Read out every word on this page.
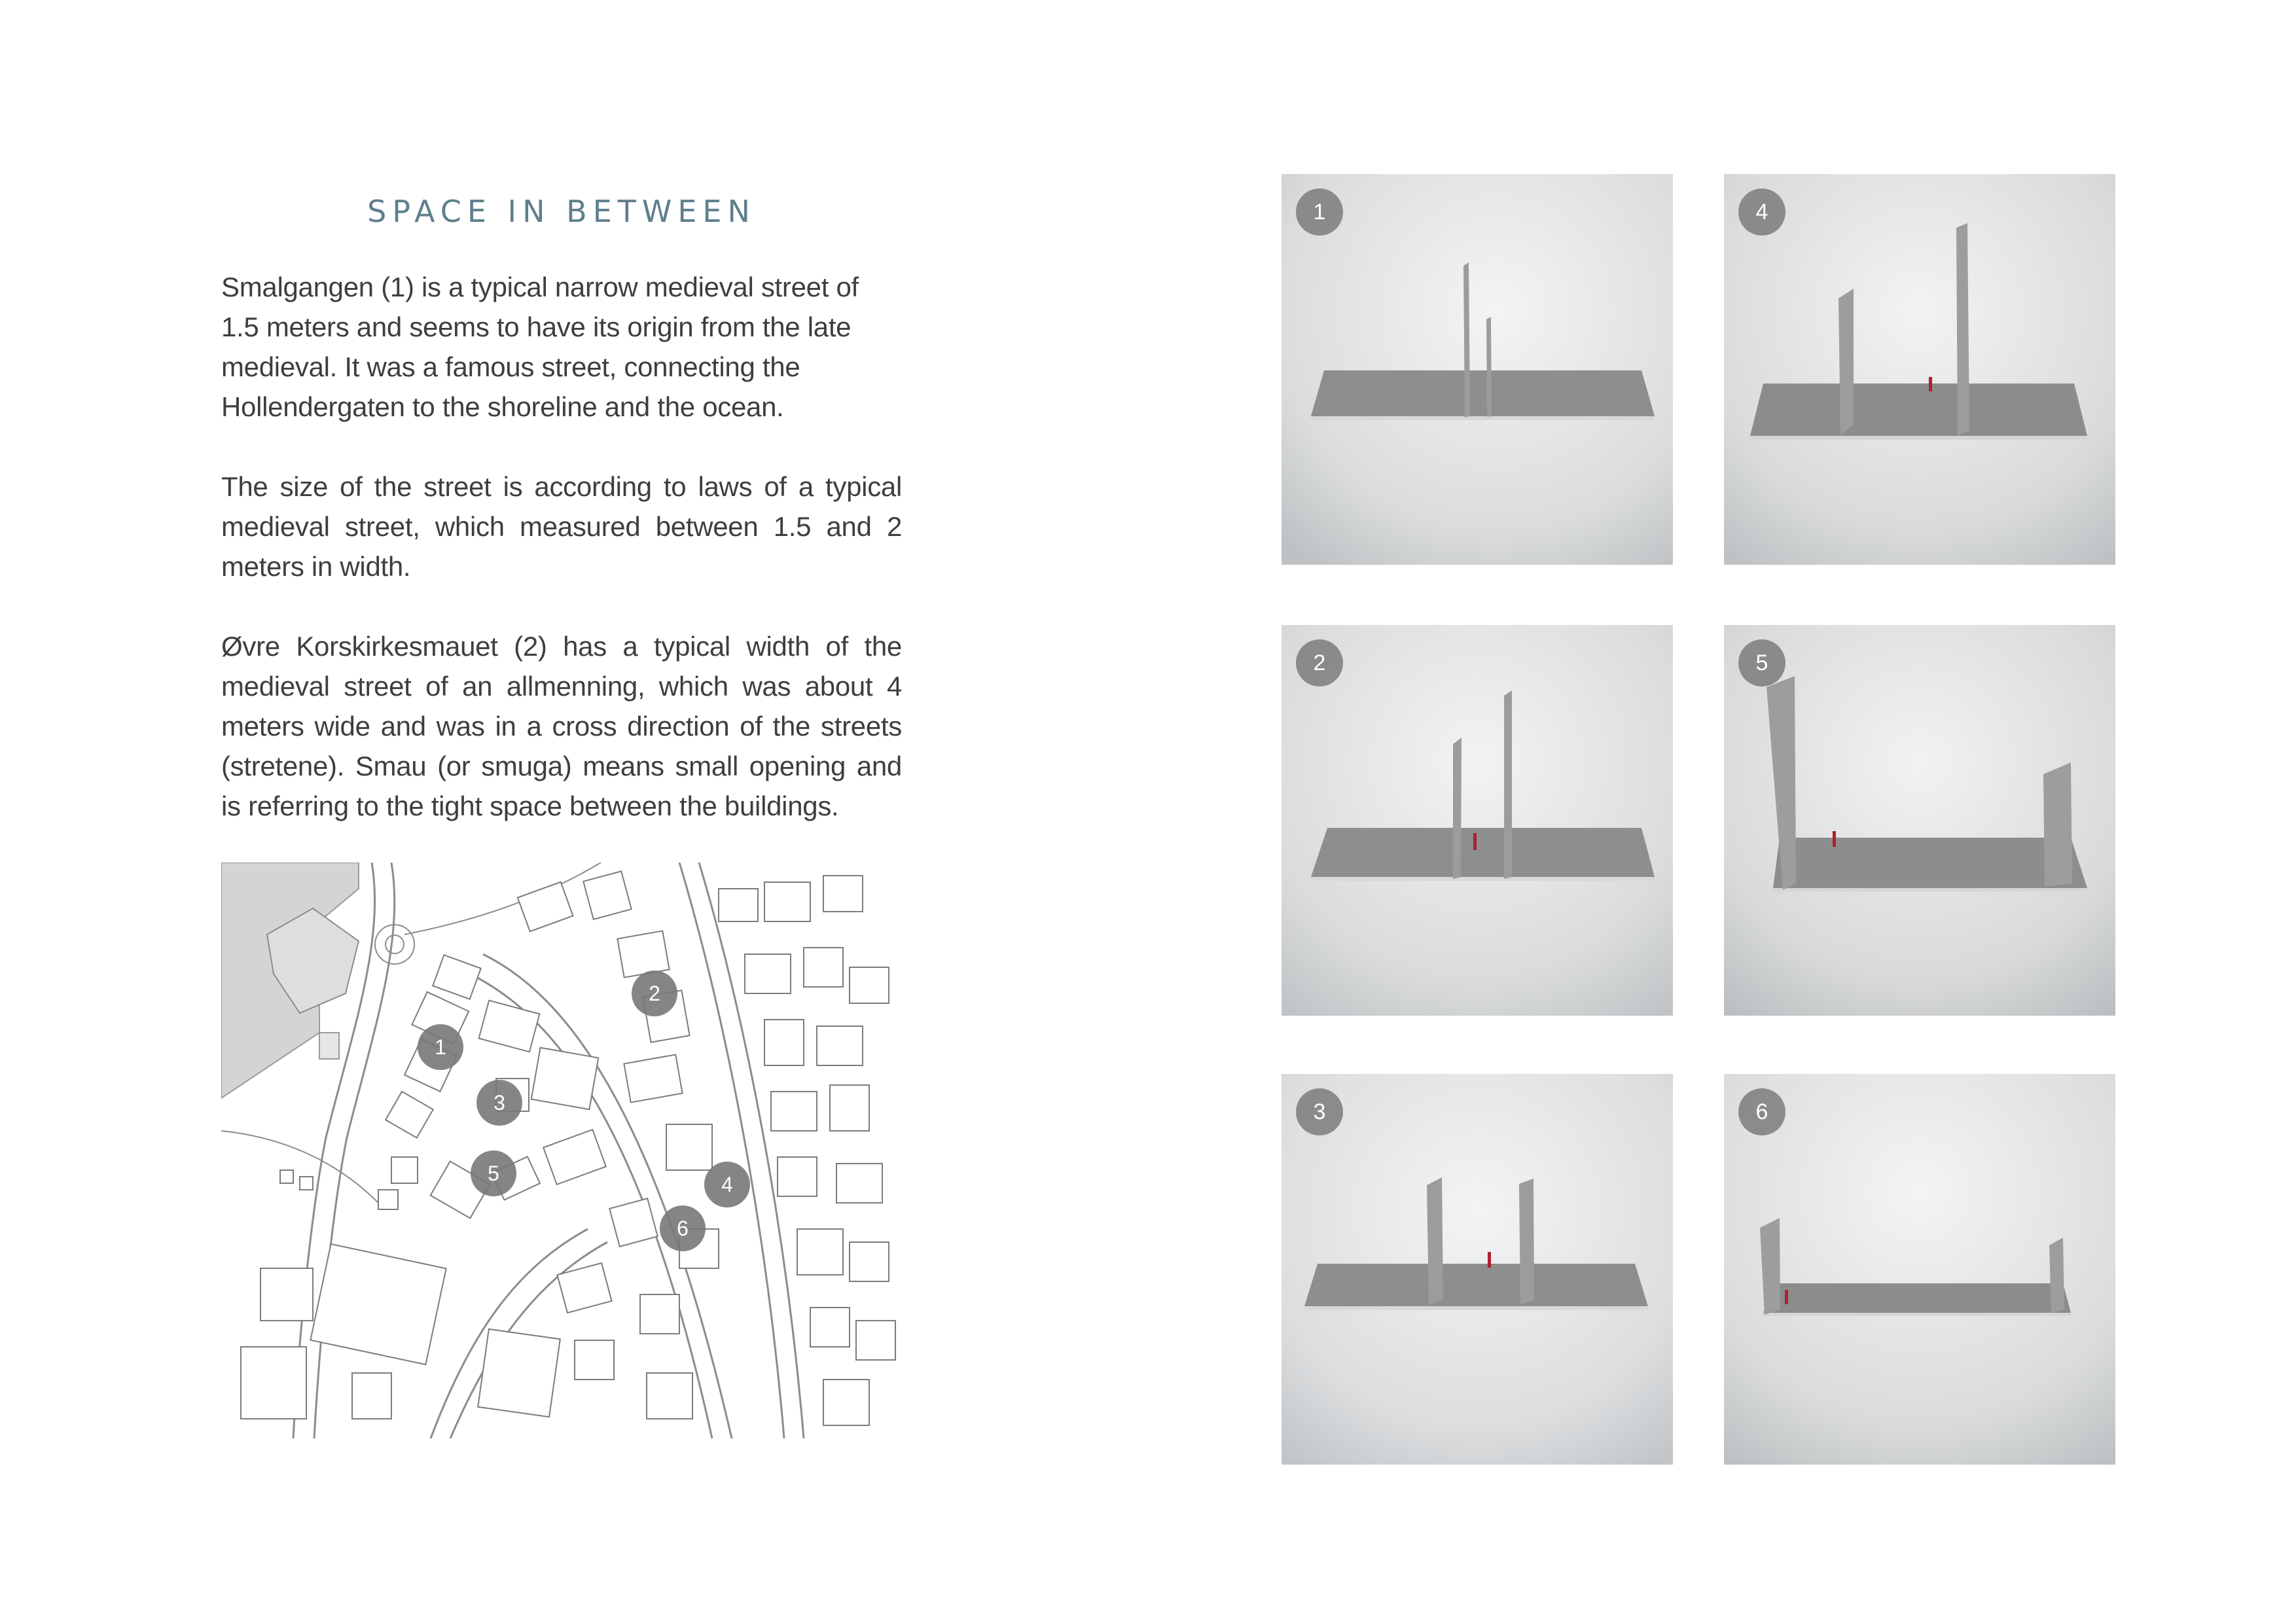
SPACE IN BETWEEN

Smalgangen (1) is a typical narrow medieval street of 1.5 meters and seems to have its origin from the late medieval. It was a famous street, connecting the Hollendergaten to the shoreline and the ocean.

The size of the street is according to laws of a typical medieval street, which measured between 1.5 and 2 meters in width.

Øvre Korskirkesmauet (2) has a typical width of the medieval street of an allmenning, which was about 4 meters wide and was in a cross direction of the streets (stretene). Smau (or smuga) means small opening and is referring to the tight space between the buildings.

1
2
3
4
5
6
1	4
2	5
3	6
